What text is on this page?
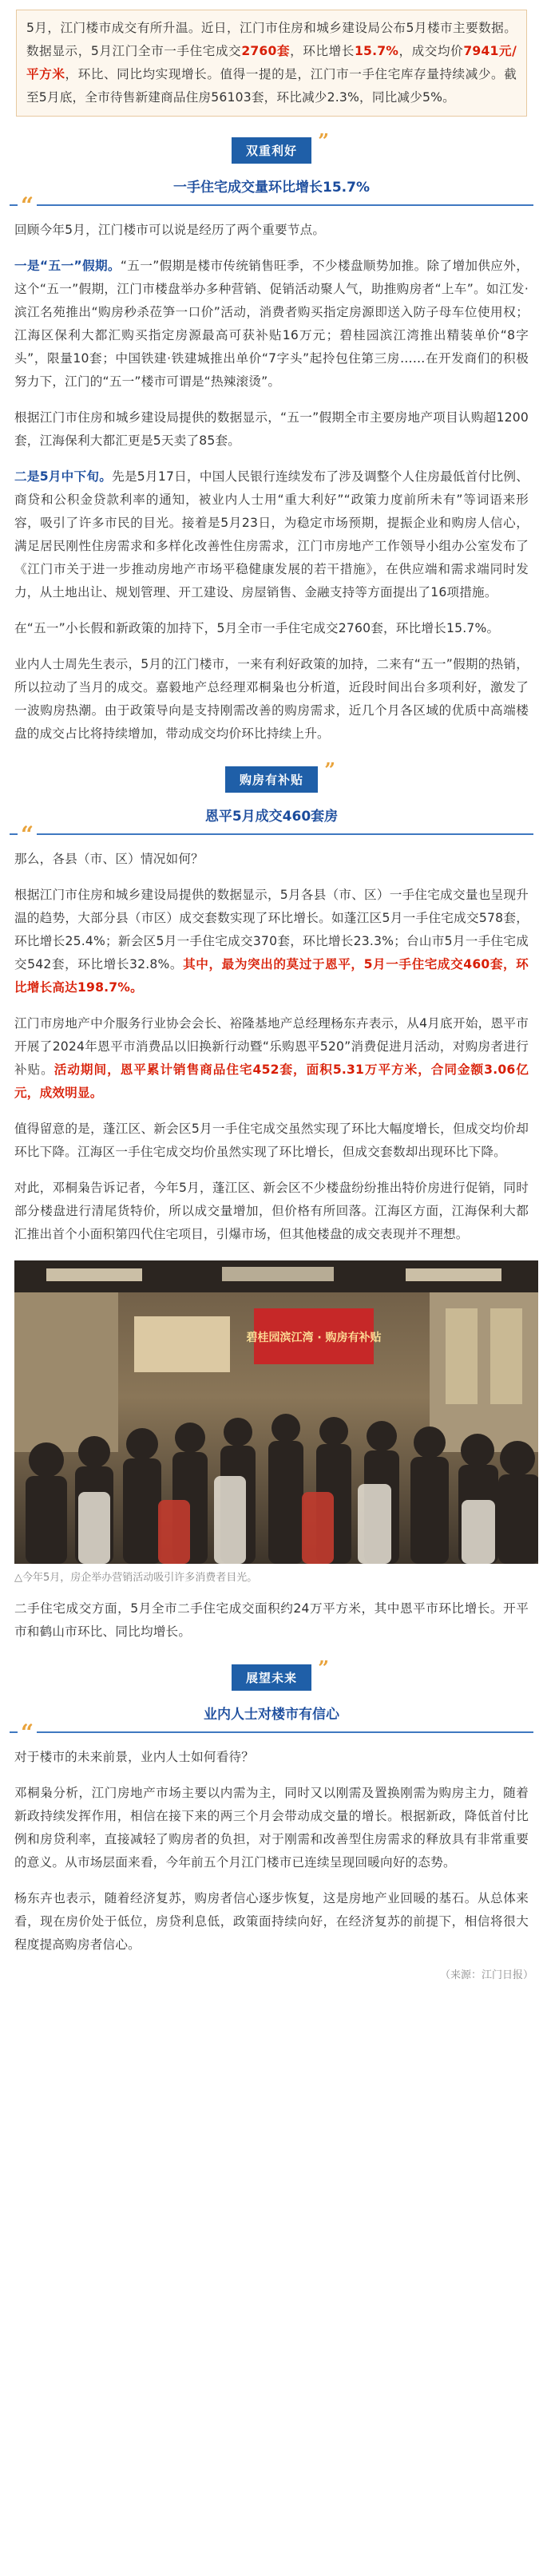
5月，江门楼市成交有所升温。近日，江门市住房和城乡建设局公布5月楼市主要数据。数据显示，5月江门全市一手住宅成交2760套，环比增长15.7%，成交均价7941元/平方米，环比、同比均实现增长。值得一提的是，江门市一手住宅库存量持续减少。截至5月底，全市待售新建商品住房56103套，环比减少2.3%，同比减少5%。

双重利好 ”
一手住宅成交量环比增长15.7%
“

回顾今年5月，江门楼市可以说是经历了两个重要节点。

一是“五一”假期。“五一”假期是楼市传统销售旺季，不少楼盘顺势加推。除了增加供应外，这个“五一”假期，江门市楼盘举办多种营销、促销活动聚人气，助推购房者“上车”。如江发·滨江名苑推出“购房秒杀莅笋一口价”活动，消费者购买指定房源即送入防子母车位使用权；江海区保利大都汇购买指定房源最高可获补贴16万元；碧桂园滨江湾推出精装单价“8字头”，限量10套；中国铁建·铁建城推出单价“7字头”起拎包住第三房……在开发商们的积极努力下，江门的“五一”楼市可谓是“热辣滚烫”。

根据江门市住房和城乡建设局提供的数据显示，“五一”假期全市主要房地产项目认购超1200套，江海保利大都汇更是5天卖了85套。

二是5月中下旬。先是5月17日，中国人民银行连续发布了涉及调整个人住房最低首付比例、商贷和公积金贷款利率的通知，被业内人士用“重大利好”“政策力度前所未有”等词语来形容，吸引了许多市民的目光。接着是5月23日，为稳定市场预期，提振企业和购房人信心，满足居民刚性住房需求和多样化改善性住房需求，江门市房地产工作领导小组办公室发布了《江门市关于进一步推动房地产市场平稳健康发展的若干措施》，在供应端和需求端同时发力，从土地出让、规划管理、开工建设、房屋销售、金融支持等方面提出了16项措施。

在“五一”小长假和新政策的加持下，5月全市一手住宅成交2760套，环比增长15.7%。

业内人士周先生表示，5月的江门楼市，一来有利好政策的加持，二来有“五一”假期的热销，所以拉动了当月的成交。嘉毅地产总经理邓桐枭也分析道，近段时间出台多项利好，激发了一波购房热潮。由于政策导向是支持刚需改善的购房需求，近几个月各区域的优质中高端楼盘的成交占比将持续增加，带动成交均价环比持续上升。

购房有补贴 ”
恩平5月成交460套房
“

那么，各县（市、区）情况如何？

根据江门市住房和城乡建设局提供的数据显示，5月各县（市、区）一手住宅成交量也呈现升温的趋势，大部分县（市区）成交套数实现了环比增长。如蓬江区5月一手住宅成交578套，环比增长25.4%；新会区5月一手住宅成交370套，环比增长23.3%；台山市5月一手住宅成交542套，环比增长32.8%。其中，最为突出的莫过于恩平，5月一手住宅成交460套，环比增长高达198.7%。

江门市房地产中介服务行业协会会长、裕隆基地产总经理杨东卉表示，从4月底开始，恩平市开展了2024年恩平市消费品以旧换新行动暨“乐购恩平520”消费促进月活动，对购房者进行补贴。活动期间，恩平累计销售商品住宅452套，面积5.31万平方米，合同金额3.06亿元，成效明显。

值得留意的是，蓬江区、新会区5月一手住宅成交虽然实现了环比大幅度增长，但成交均价却环比下降。江海区一手住宅成交均价虽然实现了环比增长，但成交套数却出现环比下降。

对此，邓桐枭告诉记者，今年5月，蓬江区、新会区不少楼盘纷纷推出特价房进行促销，同时部分楼盘进行清尾货特价，所以成交量增加，但价格有所回落。江海区方面，江海保利大都汇推出首个小面积第四代住宅项目，引爆市场，但其他楼盘的成交表现并不理想。

碧桂园滨江湾 · 购房有补贴
△今年5月，房企举办营销活动吸引许多消费者目光。

二手住宅成交方面，5月全市二手住宅成交面积约24万平方米，其中恩平市环比增长。开平市和鹤山市环比、同比均增长。

展望未来 ”
业内人士对楼市有信心
“

对于楼市的未来前景，业内人士如何看待？

邓桐枭分析，江门房地产市场主要以内需为主，同时又以刚需及置换刚需为购房主力，随着新政持续发挥作用，相信在接下来的两三个月会带动成交量的增长。根据新政，降低首付比例和房贷利率，直接减轻了购房者的负担，对于刚需和改善型住房需求的释放具有非常重要的意义。从市场层面来看，今年前五个月江门楼市已连续呈现回暖向好的态势。

杨东卉也表示，随着经济复苏，购房者信心逐步恢复，这是房地产业回暖的基石。从总体来看，现在房价处于低位，房贷利息低，政策面持续向好，在经济复苏的前提下，相信将很大程度提高购房者信心。

（来源：江门日报）
